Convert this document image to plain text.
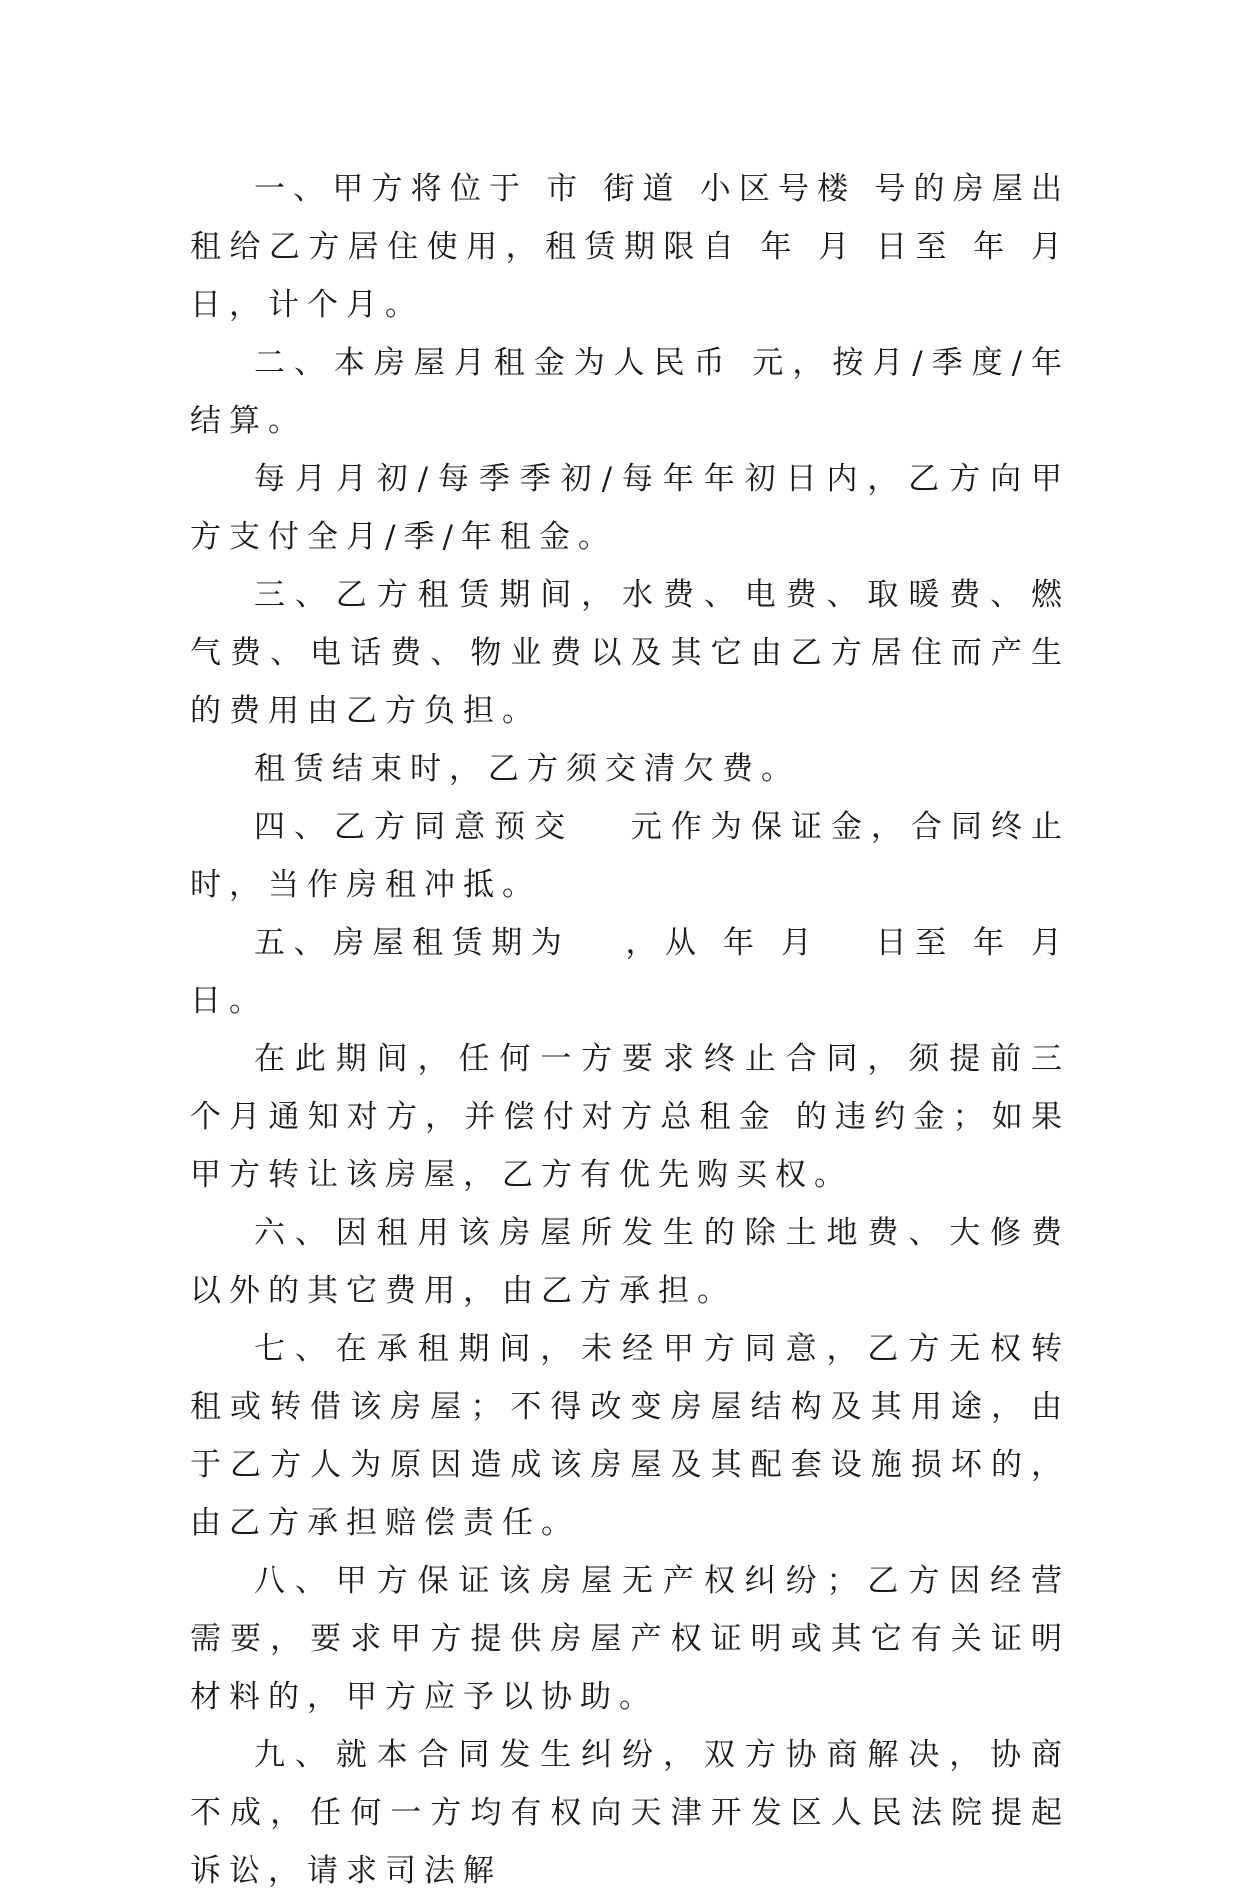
一、甲方将位于 市 街道 小区号楼 号的房屋出租给乙方居住使用，租赁期限自 年 月 日至 年 月 日，计个月。

二、本房屋月租金为人民币 元，按月/季度/年结算。

每月月初/每季季初/每年年初日内，乙方向甲方支付全月/季/年租金。

三、乙方租赁期间，水费、电费、取暖费、燃气费、电话费、物业费以及其它由乙方居住而产生的费用由乙方负担。

租赁结束时，乙方须交清欠费。

四、乙方同意预交   元作为保证金，合同终止时，当作房租冲抵。

五、房屋租赁期为   ，从 年 月   日至 年 月 日。

在此期间，任何一方要求终止合同，须提前三个月通知对方，并偿付对方总租金 的违约金；如果甲方转让该房屋，乙方有优先购买权。

六、因租用该房屋所发生的除土地费、大修费以外的其它费用，由乙方承担。

七、在承租期间，未经甲方同意，乙方无权转租或转借该房屋；不得改变房屋结构及其用途，由于乙方人为原因造成该房屋及其配套设施损坏的，由乙方承担赔偿责任。

八、甲方保证该房屋无产权纠纷；乙方因经营需要，要求甲方提供房屋产权证明或其它有关证明材料的，甲方应予以协助。

九、就本合同发生纠纷，双方协商解决，协商不成，任何一方均有权向天津开发区人民法院提起诉讼，请求司法解
